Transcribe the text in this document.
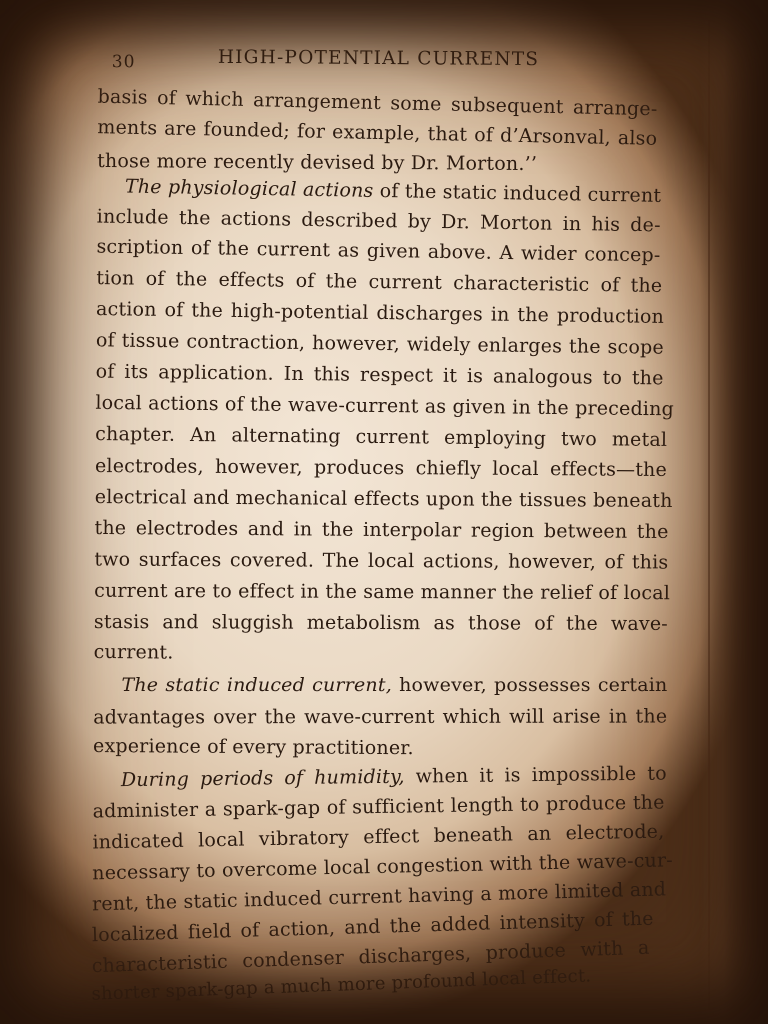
30	HIGH-POTENTIAL CURRENTS
basis of which arrangement some subsequent arrange-
ments are founded; for example, that of d’Arsonval, also
those more recently devised by Dr. Morton.’’
The physiological actions of the static induced current
include the actions described by Dr. Morton in his de-
scription of the current as given above. A wider concep-
tion of the effects of the current characteristic of the
action of the high-potential discharges in the production
of tissue contraction, however, widely enlarges the scope
of its application. In this respect it is analogous to the
local actions of the wave-current as given in the preceding
chapter. An alternating current employing two metal
electrodes, however, produces chiefly local effects—the
electrical and mechanical effects upon the tissues beneath
the electrodes and in the interpolar region between the
two surfaces covered. The local actions, however, of this
current are to effect in the same manner the relief of local
stasis and sluggish metabolism as those of the wave-
current.
The static induced current, however, possesses certain
advantages over the wave-current which will arise in the
experience of every practitioner.
During periods of humidity, when it is impossible to
administer a spark-gap of sufficient length to produce the
indicated local vibratory effect beneath an electrode,
necessary to overcome local congestion with the wave-cur-
rent, the static induced current having a more limited and
localized field of action, and the added intensity of the
characteristic condenser discharges, produce with a
shorter spark-gap a much more profound local effect.
